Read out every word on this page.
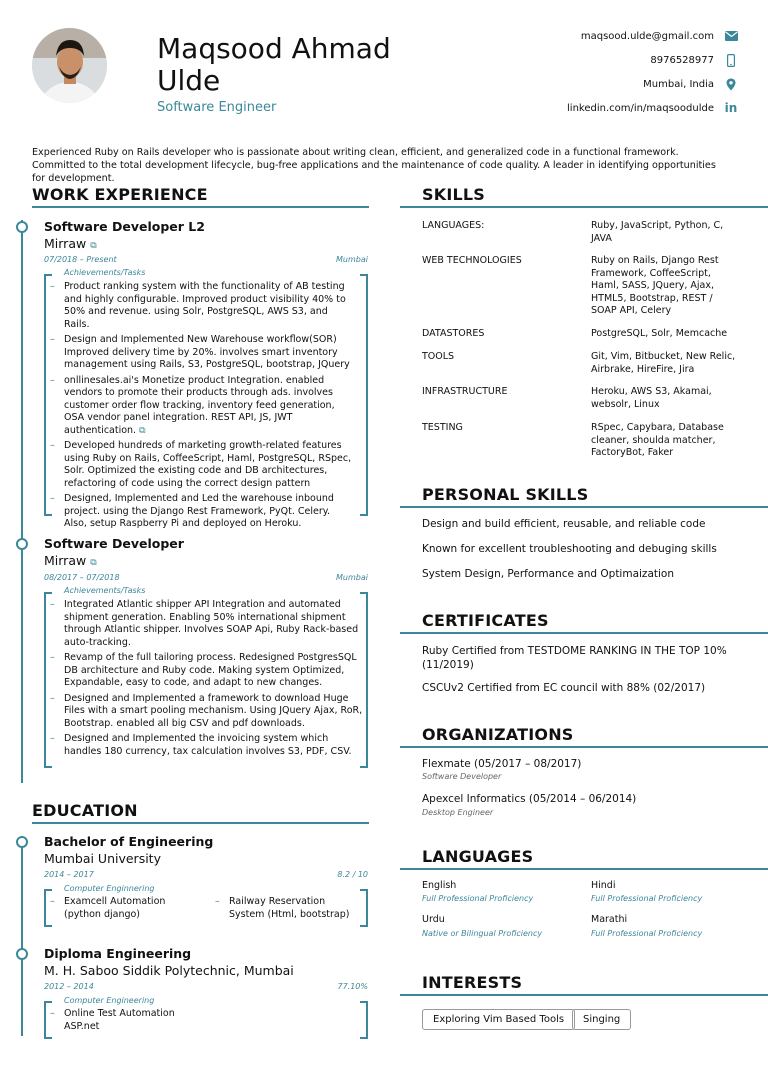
Maqsood Ahmad
Ulde
Software Engineer
maqsood.ulde@gmail.com
8976528977
Mumbai, India
linkedin.com/in/maqsoodulde in
Experienced Ruby on Rails developer who is passionate about writing clean, efficient, and generalized code in a functional framework. Committed to the total development lifecycle, bug-free applications and the maintenance of code quality. A leader in identifying opportunities for development.
WORK EXPERIENCE
Software Developer L2
Mirraw ⧉
07/2018 – Present	Mumbai
Achievements/Tasks
– Product ranking system with the functionality of AB testing and highly configurable. Improved product visibility 40% to 50% and revenue. using Solr, PostgreSQL, AWS S3, and Rails.
– Design and Implemented New Warehouse workflow(SOR) Improved delivery time by 20%. involves smart inventory management using Rails, S3, PostgreSQL, bootstrap, JQuery
– onllinesales.ai's Monetize product Integration. enabled vendors to promote their products through ads. involves customer order flow tracking, inventory feed generation, OSA vendor panel integration. REST API, JS, JWT authentication. ⧉
– Developed hundreds of marketing growth-related features using Ruby on Rails, CoffeeScript, Haml, PostgreSQL, RSpec, Solr. Optimized the existing code and DB architectures, refactoring of code using the correct design pattern
– Designed, Implemented and Led the warehouse inbound project. using the Django Rest Framework, PyQt. Celery. Also, setup Raspberry Pi and deployed on Heroku.
Software Developer
Mirraw ⧉
08/2017 – 07/2018	Mumbai
Achievements/Tasks
– Integrated Atlantic shipper API Integration and automated shipment generation. Enabling 50% international shipment through Atlantic shipper. Involves SOAP Api, Ruby Rack-based auto-tracking.
– Revamp of the full tailoring process. Redesigned PostgresSQL DB architecture and Ruby code. Making system Optimized, Expandable, easy to code, and adapt to new changes.
– Designed and Implemented a framework to download Huge Files with a smart pooling mechanism. Using JQuery Ajax, RoR, Bootstrap. enabled all big CSV and pdf downloads.
– Designed and Implemented the invoicing system which handles 180 currency, tax calculation involves S3, PDF, CSV.
EDUCATION
Bachelor of Engineering
Mumbai University
2014 – 2017	8.2 / 10
Computer Enginnering
– Examcell Automation (python django)
– Railway Reservation System (Html, bootstrap)
Diploma Engineering
M. H. Saboo Siddik Polytechnic, Mumbai
2012 – 2014	77.10%
Computer Engineering
– Online Test Automation ASP.net
SKILLS
LANGUAGES:	Ruby, JavaScript, Python, C, JAVA
WEB TECHNOLOGIES	Ruby on Rails, Django Rest Framework, CoffeeScript, Haml, SASS, JQuery, Ajax, HTML5, Bootstrap, REST / SOAP API, Celery
DATASTORES	PostgreSQL, Solr, Memcache
TOOLS	Git, Vim, Bitbucket, New Relic, Airbrake, HireFire, Jira
INFRASTRUCTURE	Heroku, AWS S3, Akamai, websolr, Linux
TESTING	RSpec, Capybara, Database cleaner, shoulda matcher, FactoryBot, Faker
PERSONAL SKILLS
Design and build efficient, reusable, and reliable code
Known for excellent troubleshooting and debuging skills
System Design, Performance and Optimaization
CERTIFICATES
Ruby Certified from TESTDOME RANKING IN THE TOP 10% (11/2019)
CSCUv2 Certified from EC council with 88% (02/2017)
ORGANIZATIONS
Flexmate (05/2017 – 08/2017)
Software Developer
Apexcel Informatics (05/2014 – 06/2014)
Desktop Engineer
LANGUAGES
English
Full Professional Proficiency
Hindi
Full Professional Proficiency
Urdu
Native or Bilingual Proficiency
Marathi
Full Professional Proficiency
INTERESTS
Exploring Vim Based Tools	Singing
